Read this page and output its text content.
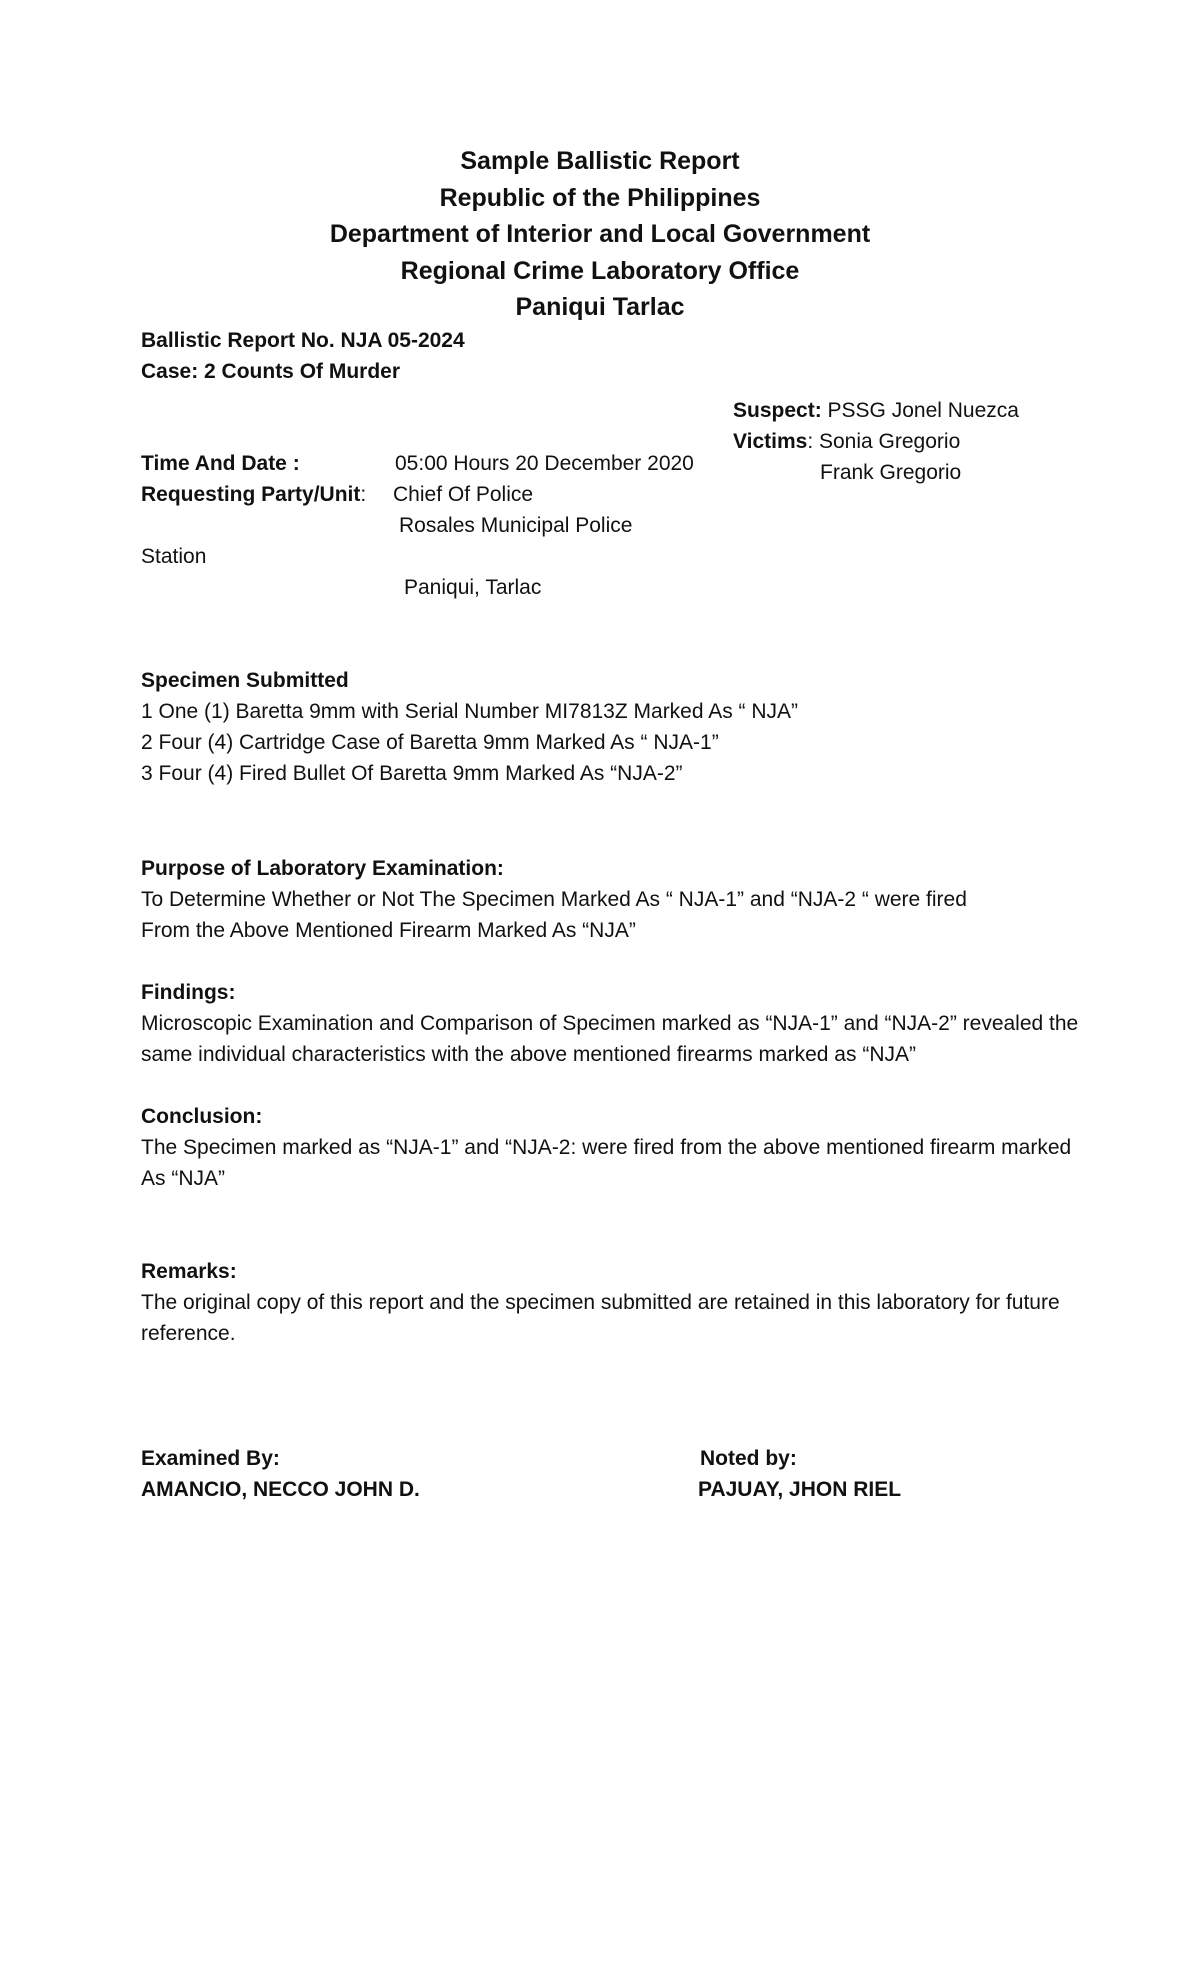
Sample Ballistic Report
Republic of the Philippines
Department of Interior and Local Government
Regional Crime Laboratory Office
Paniqui Tarlac
Ballistic Report No. NJA 05-2024
Case: 2 Counts Of Murder
Suspect: PSSG Jonel Nuezca
Victims: Sonia Gregorio
Frank Gregorio
Time And Date :	05:00 Hours 20 December 2020
Requesting Party/Unit: Chief Of Police
Rosales Municipal Police
Station
Paniqui, Tarlac
Specimen Submitted
1 One (1) Baretta 9mm with Serial Number MI7813Z Marked As “ NJA”
2 Four (4) Cartridge Case of Baretta 9mm Marked As “ NJA-1”
3 Four (4) Fired Bullet Of Baretta 9mm Marked As “NJA-2”
Purpose of Laboratory Examination:
To Determine Whether or Not The Specimen Marked As “ NJA-1” and “NJA-2 “ were fired
From the Above Mentioned Firearm Marked As “NJA”
Findings:
Microscopic Examination and Comparison of Specimen marked as “NJA-1” and “NJA-2” revealed the same individual characteristics with the above mentioned firearms marked as “NJA”
Conclusion:
The Specimen marked as “NJA-1” and “NJA-2: were fired from the above mentioned firearm marked As “NJA”
Remarks:
The original copy of this report and the specimen submitted are retained in this laboratory for future reference.
Examined By:
AMANCIO, NECCO JOHN D.
Noted by:
PAJUAY, JHON RIEL
